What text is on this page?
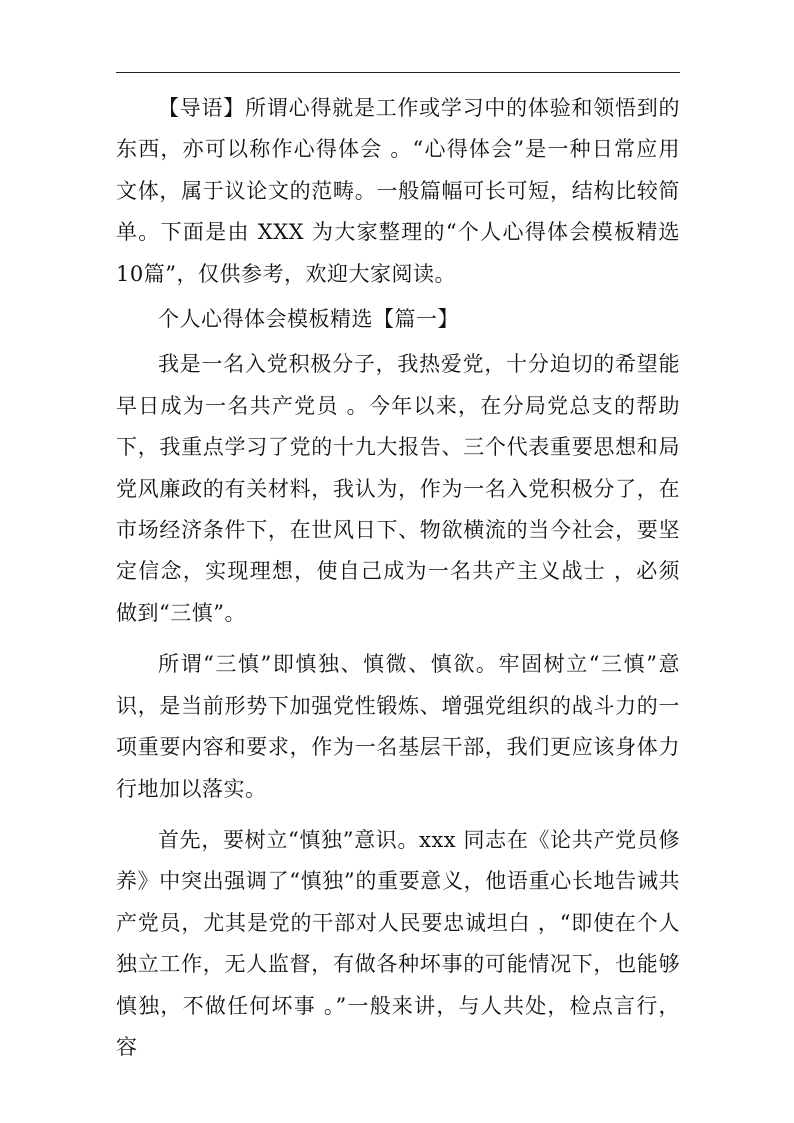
【导语】所谓心得就是工作或学习中的体验和领悟到的东西，亦可以称作心得体会 。“心得体会”是一种日常应用文体，属于议论文的范畴。一般篇幅可长可短，结构比较简单。下面是由 XXX 为大家整理的“个人心得体会模板精选 10篇”，仅供参考，欢迎大家阅读。

个人心得体会模板精选【篇一】

我是一名入党积极分子，我热爱党，十分迫切的希望能早日成为一名共产党员 。今年以来，在分局党总支的帮助下，我重点学习了党的十九大报告、三个代表重要思想和局党风廉政的有关材料，我认为，作为一名入党积极分了，在市场经济条件下，在世风日下、物欲横流的当今社会，要坚定信念，实现理想，使自己成为一名共产主义战士 ，必须做到“三慎”。

所谓“三慎”即慎独、慎微、慎欲。牢固树立“三慎”意识，是当前形势下加强党性锻炼、增强党组织的战斗力的一项重要内容和要求，作为一名基层干部，我们更应该身体力行地加以落实。

首先，要树立“慎独”意识。xxx 同志在《论共产党员修养》中突出强调了“慎独”的重要意义，他语重心长地告诫共产党员，尤其是党的干部对人民要忠诚坦白 ，“即使在个人独立工作，无人监督，有做各种坏事的可能情况下，也能够慎独，不做任何坏事 。”一般来讲，与人共处，检点言行，容
